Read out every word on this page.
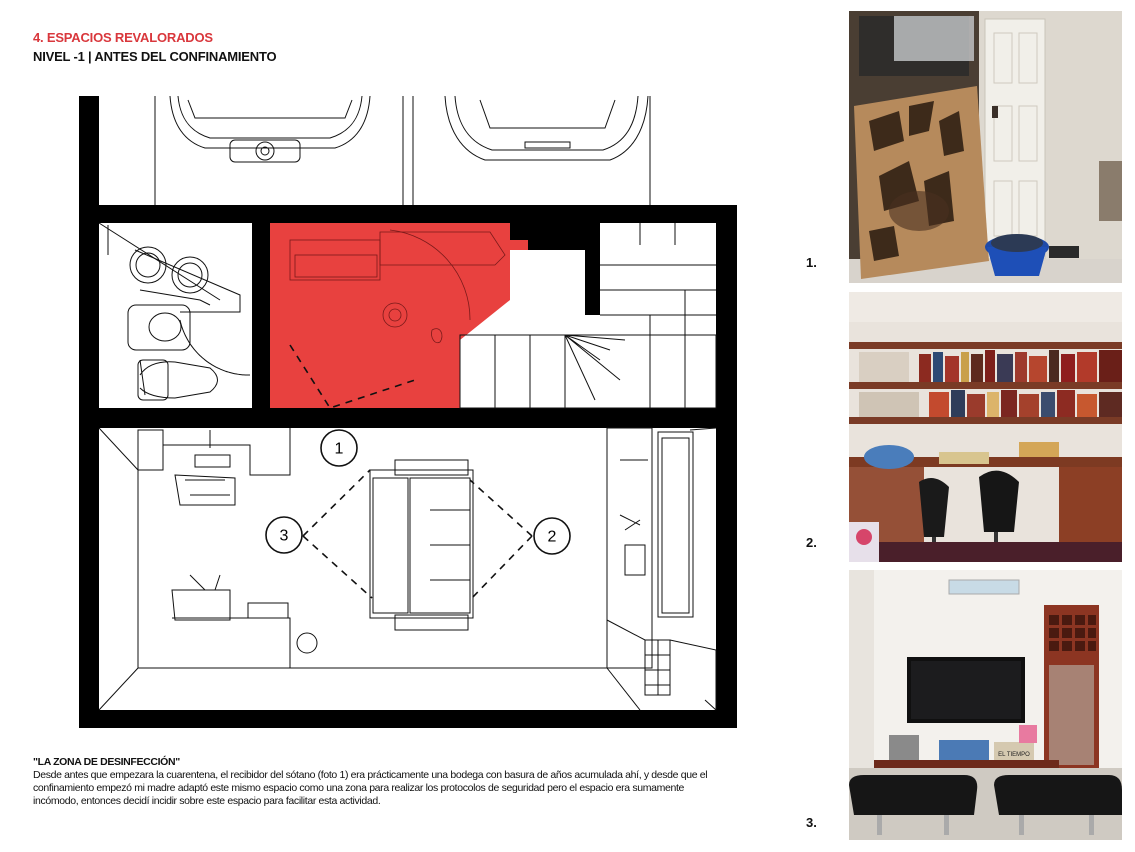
4. ESPACIOS REVALORADOS
NIVEL -1 | ANTES DEL CONFINAMIENTO
1
2
3
"LA ZONA DE DESINFECCIÓN"
Desde antes que empezara la cuarentena, el recibidor del sótano (foto 1) era prácticamente una bodega con basura de años acumulada ahí, y desde que el confinamiento empezó mi madre adaptó este mismo espacio como una zona para realizar los protocolos de seguridad pero el espacio era sumamente incómodo, entonces decidí incidir sobre este espacio para facilitar esta actividad.
1.
2.
EL TIEMPO
3.
